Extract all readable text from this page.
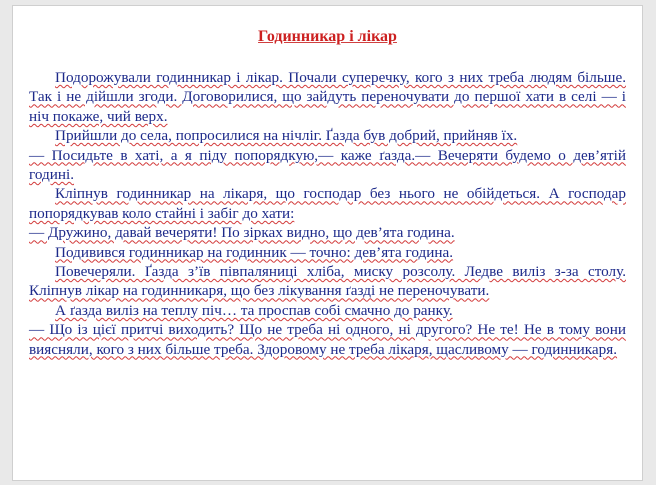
Годинникар і лікар

Подорожували годинникар і лікар. Почали суперечку, кого з них треба людям більше. Так і не дійшли згоди. Договорилися, що зайдуть переночувати до першої хати в селі — і ніч покаже, чий верх.

Прийшли до села, попросилися на нічліг. Ґазда був добрий, прийняв їх.

— Посидьте в хаті, а я піду попорядкую,— каже ґазда.— Вечеряти будемо о дев’ятій годині.

Кліпнув годинникар на лікаря, що господар без нього не обійдеться. А господар попорядкував коло стайні і забіг до хати:

— Дружино, давай вечеряти! По зірках видно, що дев’ята година.

Подивився годинникар на годинник — точно: дев’ята година.

Повечеряли. Ґазда з’їв півпаляниці хліба, миску розсолу. Ледве виліз з-за столу. Кліпнув лікар на годинникаря, що без лікування ґазді не переночувати.

А ґазда виліз на теплу піч… та проспав собі смачно до ранку.

— Що із цієї притчі виходить? Що не треба ні одного, ні другого? Не те! Не в тому вони виясняли, кого з них більше треба. Здоровому не треба лікаря, щасливому — годинникаря.
